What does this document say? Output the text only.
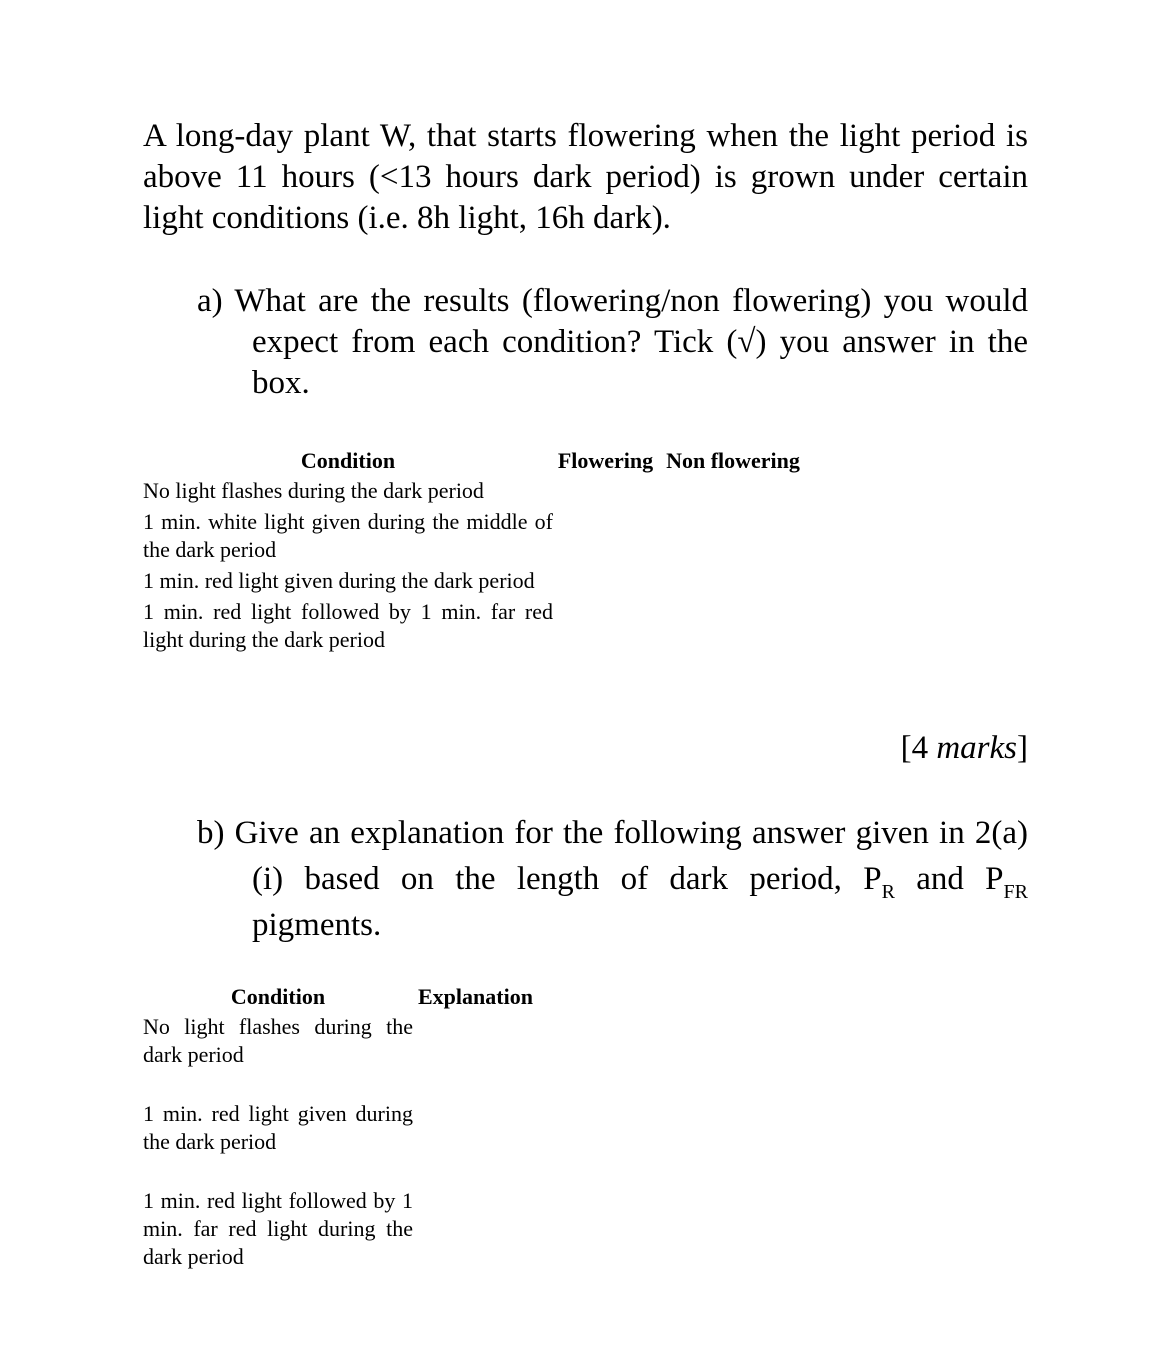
A long-day plant W, that starts flowering when the light period is above 11 hours (<13 hours dark period) is grown under certain light conditions (i.e. 8h light, 16h dark).

a) What are the results (flowering/non flowering) you would expect from each condition? Tick (√) you answer in the box.

Condition	Flowering	Non flowering
No light flashes during the dark period		
1 min. white light given during the middle of the dark period		
1 min. red light given during the dark period		
1 min. red light followed by 1 min. far red light during the dark period		
[4 marks]

b) Give an explanation for the following answer given in 2(a)(i) based on the length of dark period, $P_R$ and $P_{FR}$ pigments.

Condition	Explanation
No light flashes during the dark period	
1 min. red light given during the dark period	
1 min. red light followed by 1 min. far red light during the dark period	
